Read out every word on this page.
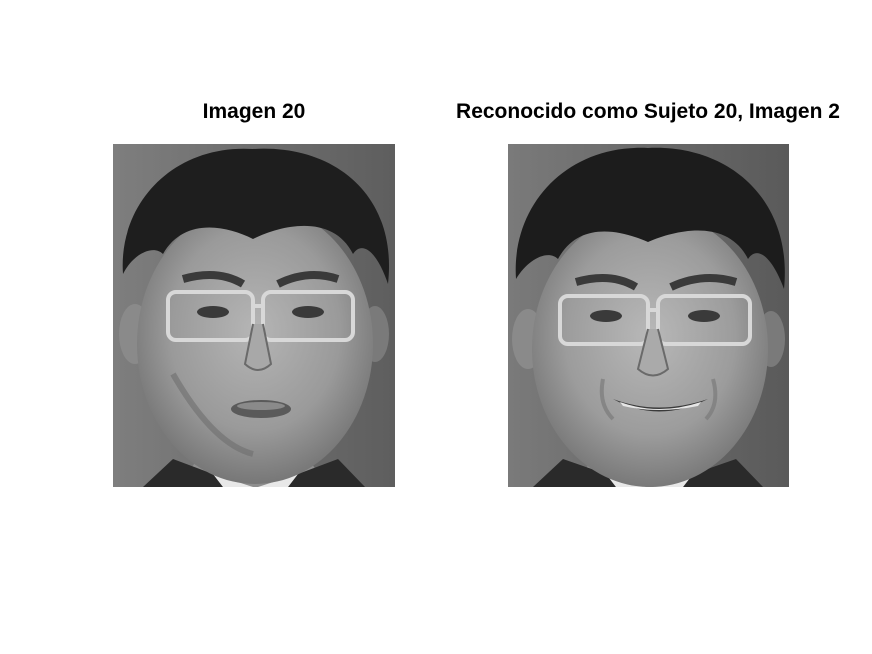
Imagen 20	Reconocido como Sujeto 20, Imagen 2
